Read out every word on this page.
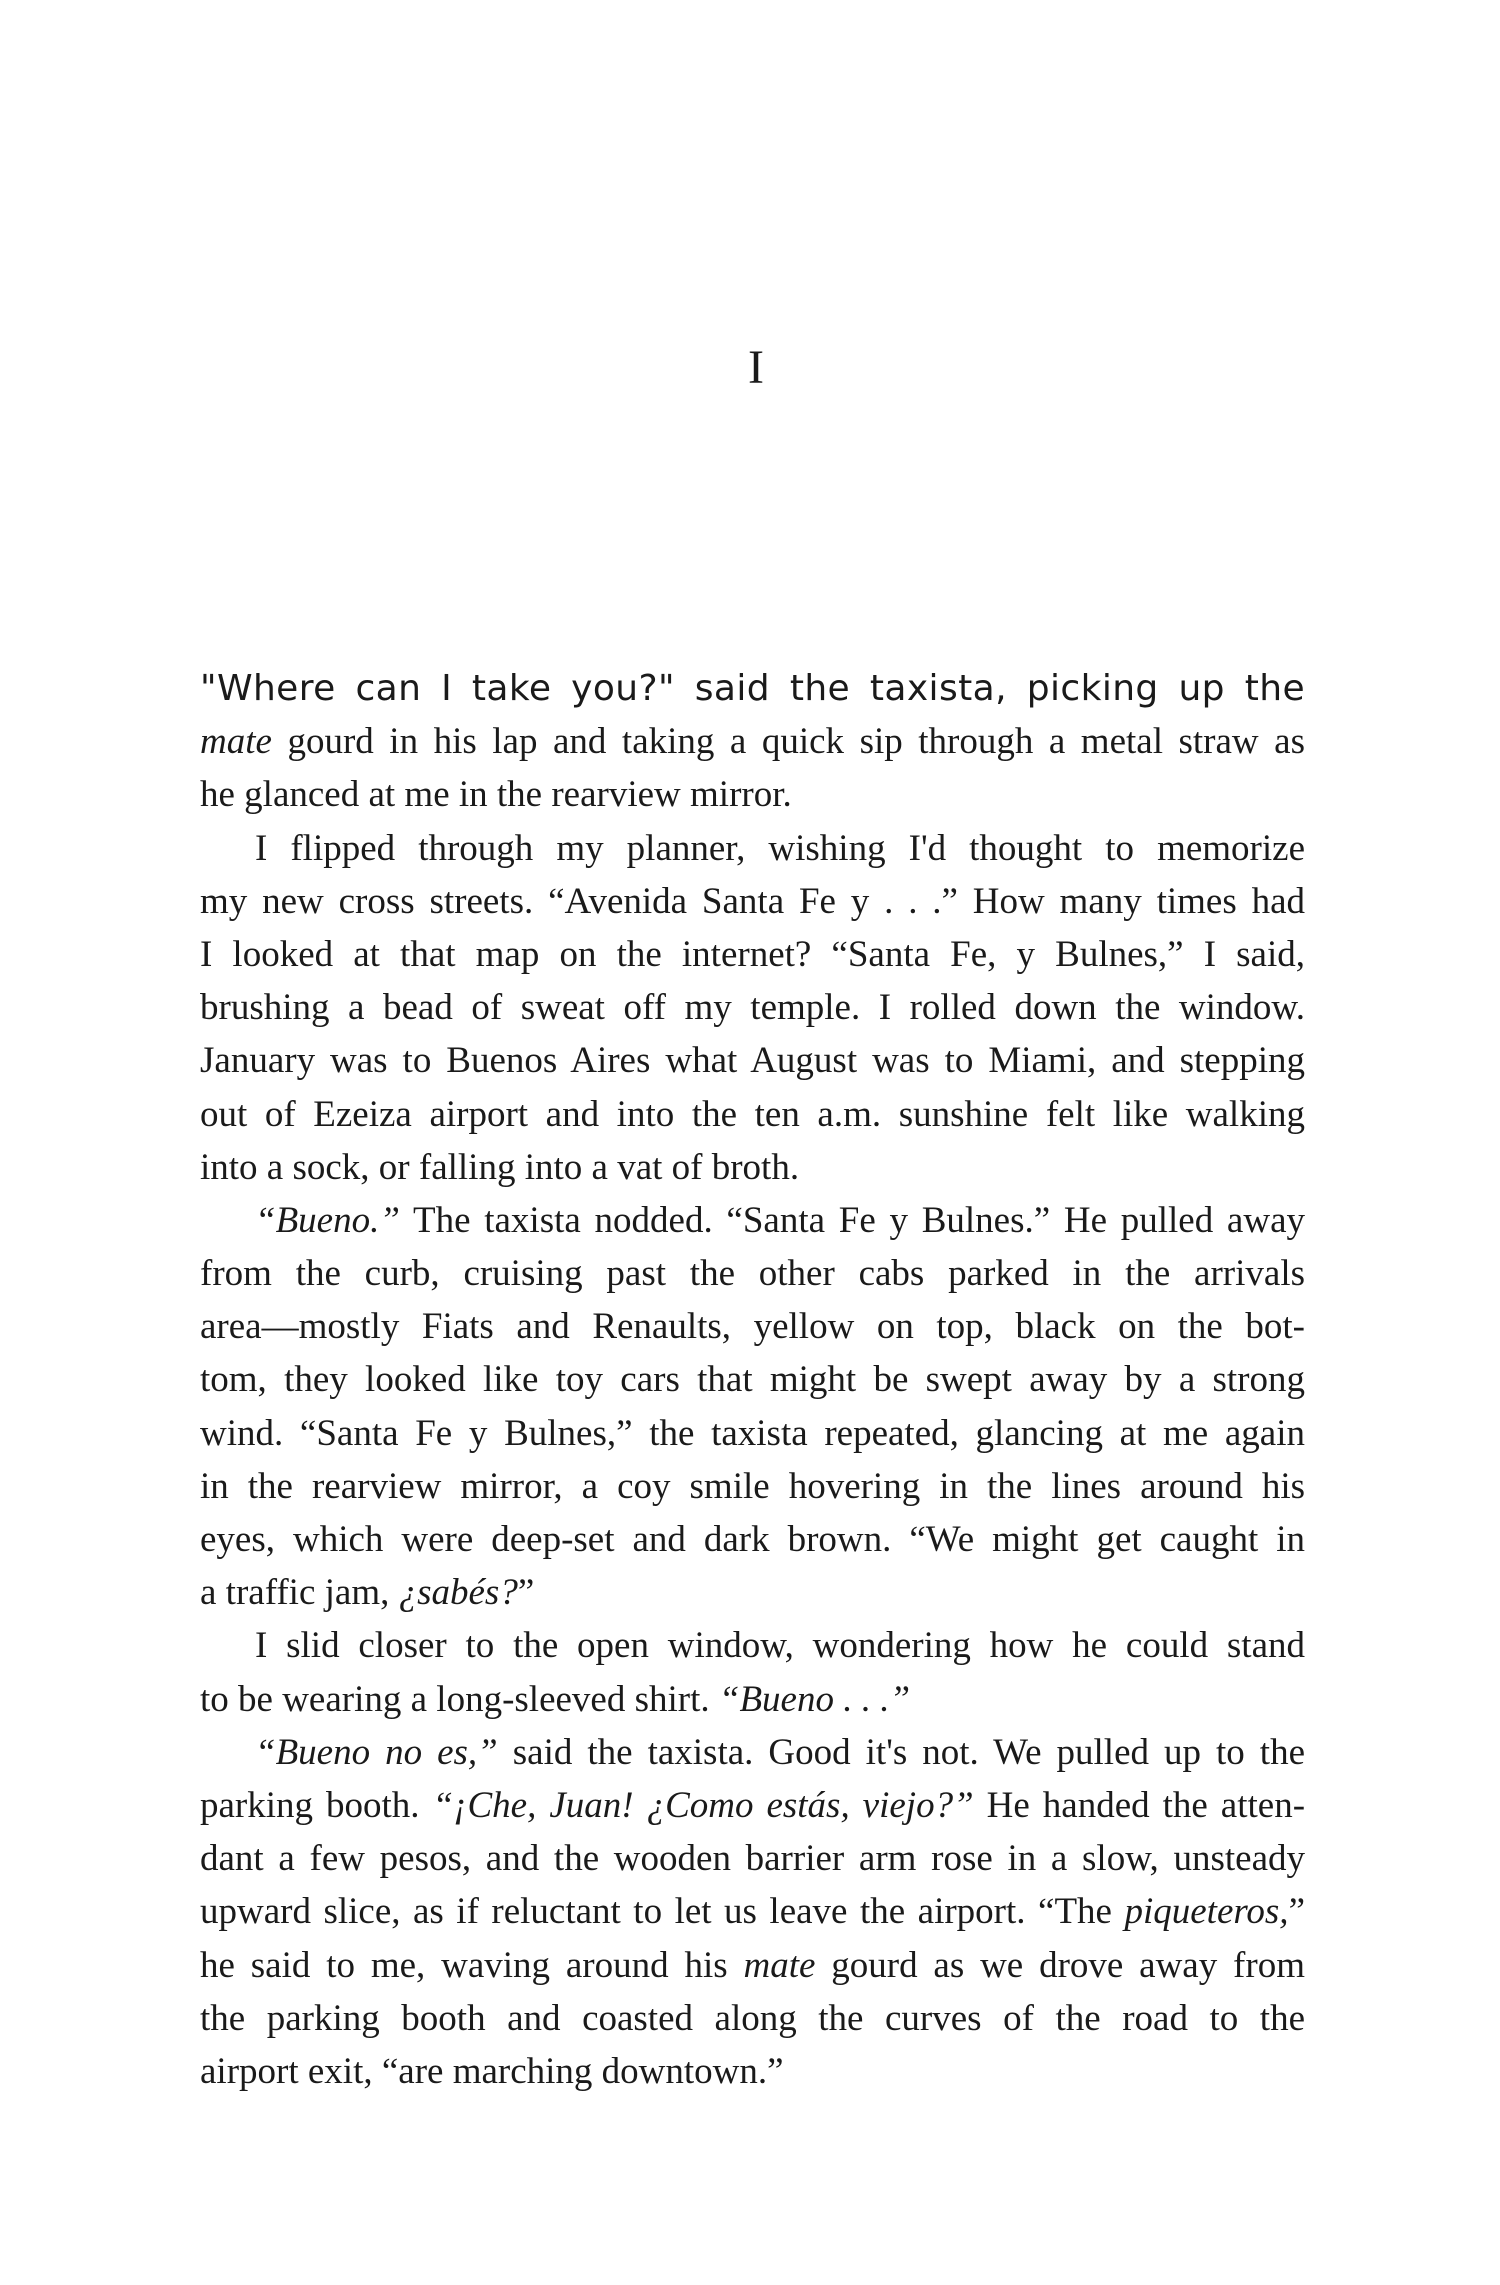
I
"Where can I take you?" said the taxista, picking up the
mate gourd in his lap and taking a quick sip through a metal straw as
he glanced at me in the rearview mirror.
I flipped through my planner, wishing I'd thought to memorize
my new cross streets. “Avenida Santa Fe y . . .” How many times had
I looked at that map on the internet? “Santa Fe, y Bulnes,” I said,
brushing a bead of sweat off my temple. I rolled down the window.
January was to Buenos Aires what August was to Miami, and stepping
out of Ezeiza airport and into the ten a.m. sunshine felt like walking
into a sock, or falling into a vat of broth.
“Bueno.” The taxista nodded. “Santa Fe y Bulnes.” He pulled away
from the curb, cruising past the other cabs parked in the arrivals
area—mostly Fiats and Renaults, yellow on top, black on the bot-
tom, they looked like toy cars that might be swept away by a strong
wind. “Santa Fe y Bulnes,” the taxista repeated, glancing at me again
in the rearview mirror, a coy smile hovering in the lines around his
eyes, which were deep-set and dark brown. “We might get caught in
a traffic jam, ¿sabés?”
I slid closer to the open window, wondering how he could stand
to be wearing a long-sleeved shirt. “Bueno . . .”
“Bueno no es,” said the taxista. Good it's not. We pulled up to the
parking booth. “¡Che, Juan! ¿Como estás, viejo?” He handed the atten-
dant a few pesos, and the wooden barrier arm rose in a slow, unsteady
upward slice, as if reluctant to let us leave the airport. “The piqueteros,”
he said to me, waving around his mate gourd as we drove away from
the parking booth and coasted along the curves of the road to the
airport exit, “are marching downtown.”
